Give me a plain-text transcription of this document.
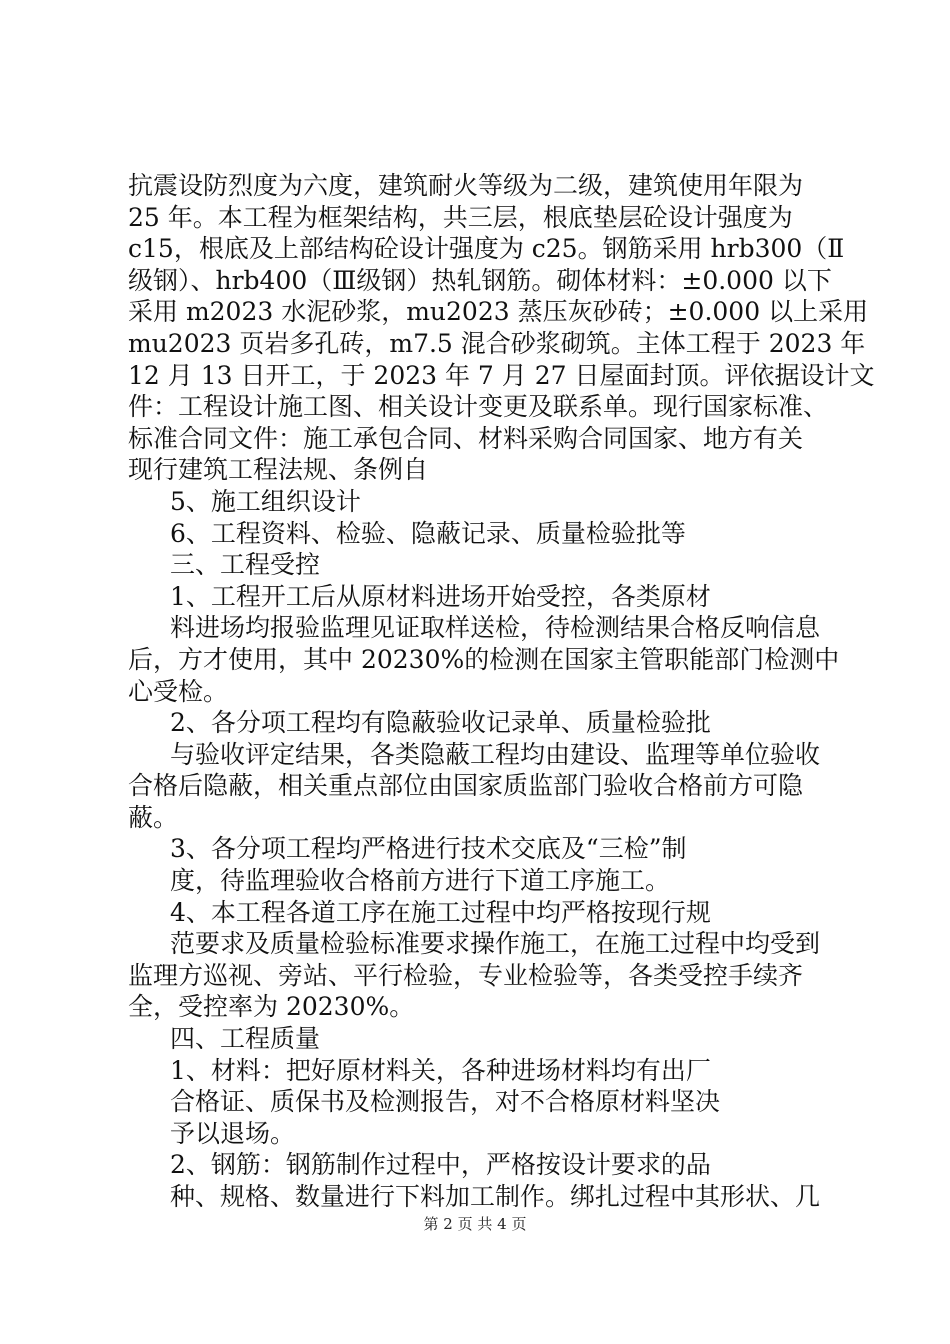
抗震设防烈度为六度，建筑耐火等级为二级，建筑使用年限为
25 年。本工程为框架结构，共三层，根底垫层砼设计强度为
c15，根底及上部结构砼设计强度为 c25。钢筋采用 hrb300（Ⅱ
级钢）、hrb400（Ⅲ级钢）热轧钢筋。砌体材料：±0.000 以下
采用 m2023 水泥砂浆，mu2023 蒸压灰砂砖；±0.000 以上采用
mu2023 页岩多孔砖，m7.5 混合砂浆砌筑。主体工程于 2023 年
12 月 13 日开工，于 2023 年 7 月 27 日屋面封顶。评依据设计文
件：工程设计施工图、相关设计变更及联系单。现行国家标准、
标准合同文件：施工承包合同、材料采购合同国家、地方有关
现行建筑工程法规、条例自
5、施工组织设计
6、工程资料、检验、隐蔽记录、质量检验批等
三、工程受控
1、工程开工后从原材料进场开始受控，各类原材
料进场均报验监理见证取样送检，待检测结果合格反响信息
后，方才使用，其中 20230%的检测在国家主管职能部门检测中
心受检。
2、各分项工程均有隐蔽验收记录单、质量检验批
与验收评定结果，各类隐蔽工程均由建设、监理等单位验收
合格后隐蔽，相关重点部位由国家质监部门验收合格前方可隐
蔽。
3、各分项工程均严格进行技术交底及“三检”制
度，待监理验收合格前方进行下道工序施工。
4、本工程各道工序在施工过程中均严格按现行规
范要求及质量检验标准要求操作施工，在施工过程中均受到
监理方巡视、旁站、平行检验，专业检验等，各类受控手续齐
全，受控率为 20230%。
四、工程质量
1、材料：把好原材料关，各种进场材料均有出厂
合格证、质保书及检测报告，对不合格原材料坚决
予以退场。
2、钢筋：钢筋制作过程中，严格按设计要求的品
种、规格、数量进行下料加工制作。绑扎过程中其形状、几
第 2 页 共 4 页
